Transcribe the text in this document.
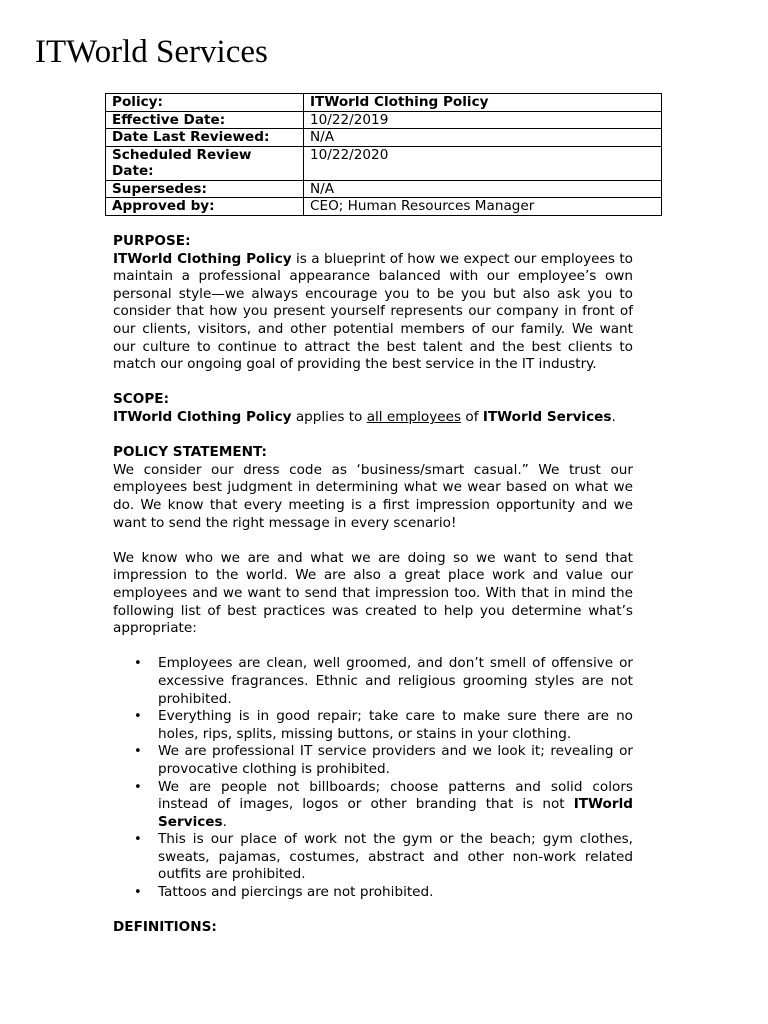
ITWorld Services
Policy:	ITWorld Clothing Policy
Effective Date:	10/22/2019
Date Last Reviewed:	N/A
Scheduled Review Date:	10/22/2020
Supersedes:	N/A
Approved by:	CEO; Human Resources Manager
PURPOSE:
ITWorld Clothing Policy is a blueprint of how we expect our employees to maintain a professional appearance balanced with our employee’s own personal style—we always encourage you to be you but also ask you to consider that how you present yourself represents our company in front of our clients, visitors, and other potential members of our family. We want our culture to continue to attract the best talent and the best clients to match our ongoing goal of providing the best service in the IT industry.
SCOPE:
ITWorld Clothing Policy applies to all employees of ITWorld Services.
POLICY STATEMENT:
We consider our dress code as ‘business/smart casual.” We trust our employees best judgment in determining what we wear based on what we do. We know that every meeting is a first impression opportunity and we want to send the right message in every scenario!
We know who we are and what we are doing so we want to send that impression to the world. We are also a great place work and value our employees and we want to send that impression too. With that in mind the following list of best practices was created to help you determine what’s appropriate:
• Employees are clean, well groomed, and don’t smell of offensive or excessive fragrances. Ethnic and religious grooming styles are not prohibited.
• Everything is in good repair; take care to make sure there are no holes, rips, splits, missing buttons, or stains in your clothing.
• We are professional IT service providers and we look it; revealing or provocative clothing is prohibited.
• We are people not billboards; choose patterns and solid colors instead of images, logos or other branding that is not ITWorld Services.
• This is our place of work not the gym or the beach; gym clothes, sweats, pajamas, costumes, abstract and other non-work related outfits are prohibited.
• Tattoos and piercings are not prohibited.
DEFINITIONS:
